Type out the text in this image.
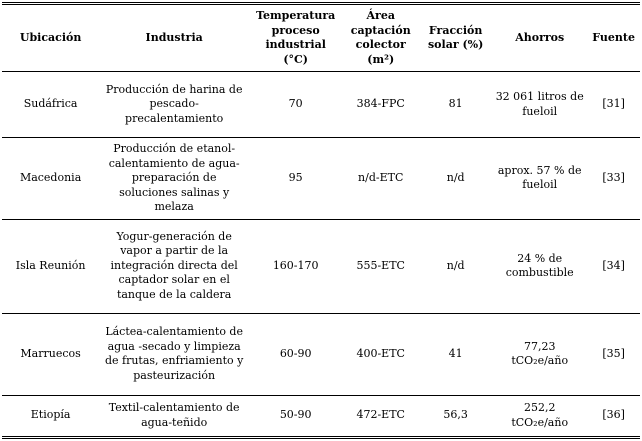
Ubicación	Industria	Temperatura proceso industrial (°C)	Área captación colector (m²)	Fracción solar (%)	Ahorros	Fuente
Sudáfrica	Producción de harina de pescado-precalentamiento	70	384-FPC	81	32 061 litros de fueloil	[31]
Macedonia	Producción de etanol-calentamiento de agua-preparación de soluciones salinas y melaza	95	n/d-ETC	n/d	aprox. 57 % de fueloil	[33]
Isla Reunión	Yogur-generación de vapor a partir de la integración directa del captador solar en el tanque de la caldera	160-170	555-ETC	n/d	24 % de combustible	[34]
Marruecos	Láctea-calentamiento de agua -secado y limpieza de frutas, enfriamiento y pasteurización	60-90	400-ETC	41	77,23 tCO₂e/año	[35]
Etiopía	Textil-calentamiento de agua-teñido	50-90	472-ETC	56,3	252,2 tCO₂e/año	[36]
